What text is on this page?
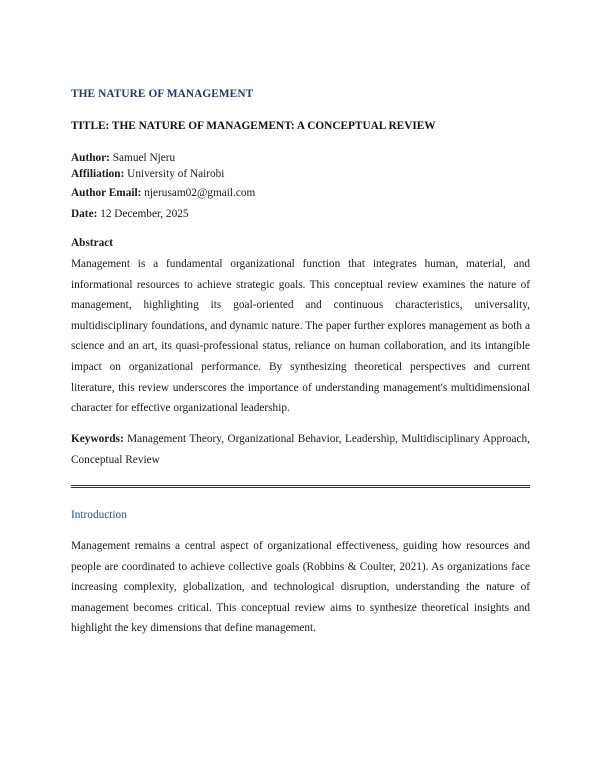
THE NATURE OF MANAGEMENT
TITLE: THE NATURE OF MANAGEMENT: A CONCEPTUAL REVIEW
Author: Samuel Njeru
Affiliation: University of Nairobi
Author Email: njerusam02@gmail.com
Date: 12 December, 2025
Abstract
Management is a fundamental organizational function that integrates human, material, and informational resources to achieve strategic goals. This conceptual review examines the nature of management, highlighting its goal-oriented and continuous characteristics, universality, multidisciplinary foundations, and dynamic nature. The paper further explores management as both a science and an art, its quasi-professional status, reliance on human collaboration, and its intangible impact on organizational performance. By synthesizing theoretical perspectives and current literature, this review underscores the importance of understanding management's multidimensional character for effective organizational leadership.
Keywords: Management Theory, Organizational Behavior, Leadership, Multidisciplinary Approach, Conceptual Review
Introduction
Management remains a central aspect of organizational effectiveness, guiding how resources and people are coordinated to achieve collective goals (Robbins & Coulter, 2021). As organizations face increasing complexity, globalization, and technological disruption, understanding the nature of management becomes critical. This conceptual review aims to synthesize theoretical insights and highlight the key dimensions that define management.
